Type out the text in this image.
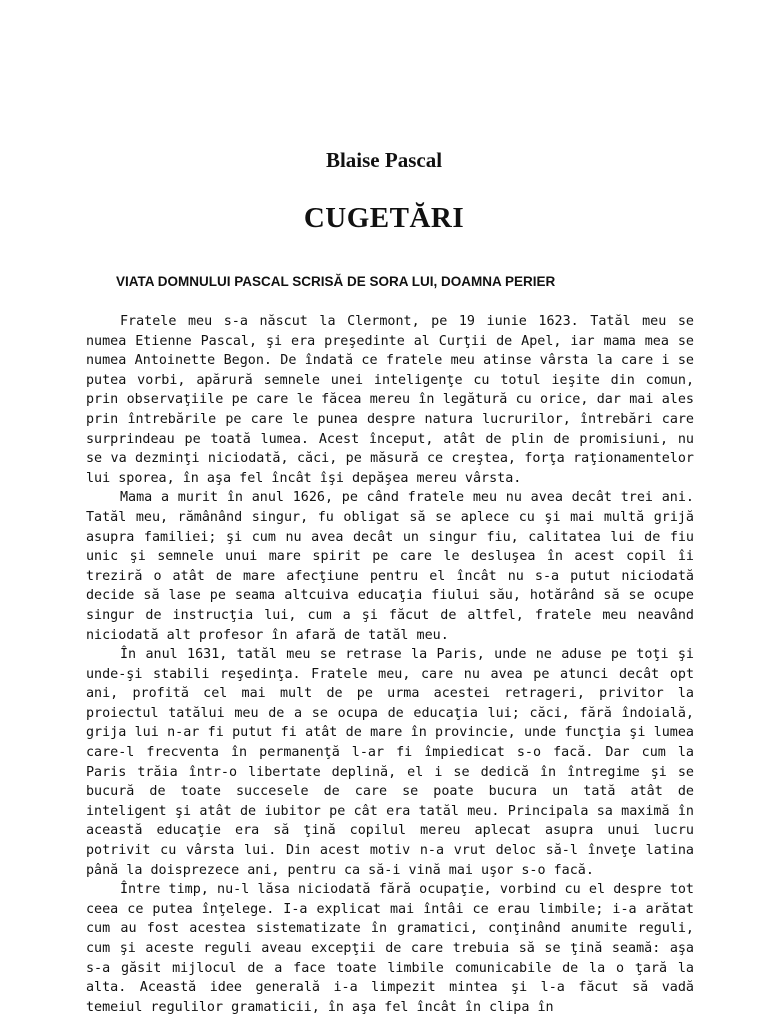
Blaise Pascal
CUGETĂRI
VIATA DOMNULUI PASCAL SCRISĂ DE SORA LUI, DOAMNA PERIER

Fratele meu s-a născut la Clermont, pe 19 iunie 1623. Tatăl meu se numea Etienne Pascal, şi era preşedinte al Curţii de Apel, iar mama mea se numea Antoinette Begon. De îndată ce fratele meu atinse vârsta la care i se putea vorbi, apărură semnele unei inteligenţe cu totul ieşite din comun, prin observaţiile pe care le făcea mereu în legătură cu orice, dar mai ales prin întrebările pe care le punea despre natura lucrurilor, întrebări care surprindeau pe toată lumea. Acest început, atât de plin de promisiuni, nu se va dezminţi niciodată, căci, pe măsură ce creştea, forţa raţionamentelor lui sporea, în aşa fel încât îşi depăşea mereu vârsta.

Mama a murit în anul 1626, pe când fratele meu nu avea decât trei ani. Tatăl meu, rămânând singur, fu obligat să se aplece cu şi mai multă grijă asupra familiei; şi cum nu avea decât un singur fiu, calitatea lui de fiu unic şi semnele unui mare spirit pe care le desluşea în acest copil îi treziră o atât de mare afecţiune pentru el încât nu s-a putut niciodată decide să lase pe seama altcuiva educaţia fiului său, hotărând să se ocupe singur de instrucţia lui, cum a şi făcut de altfel, fratele meu neavând niciodată alt profesor în afară de tatăl meu.

În anul 1631, tatăl meu se retrase la Paris, unde ne aduse pe toţi şi unde-şi stabili reşedinţa. Fratele meu, care nu avea pe atunci decât opt ani, profită cel mai mult de pe urma acestei retrageri, privitor la proiectul tatălui meu de a se ocupa de educaţia lui; căci, fără îndoială, grija lui n-ar fi putut fi atât de mare în provincie, unde funcţia şi lumea care-l frecventa în permanenţă l-ar fi împiedicat s-o facă. Dar cum la Paris trăia într-o libertate deplină, el i se dedică în întregime şi se bucură de toate succesele de care se poate bucura un tată atât de inteligent şi atât de iubitor pe cât era tatăl meu. Principala sa maximă în această educaţie era să ţină copilul mereu aplecat asupra unui lucru potrivit cu vârsta lui. Din acest motiv n-a vrut deloc să-l înveţe latina până la doisprezece ani, pentru ca să-i vină mai uşor s-o facă.

Între timp, nu-l lăsa niciodată fără ocupaţie, vorbind cu el despre tot ceea ce putea înţelege. I-a explicat mai întâi ce erau limbile; i-a arătat cum au fost acestea sistematizate în gramatici, conţinând anumite reguli, cum şi aceste reguli aveau excepţii de care trebuia să se ţină seamă: aşa s-a găsit mijlocul de a face toate limbile comunicabile de la o ţară la alta. Această idee generală i-a limpezit mintea şi l-a făcut să vadă temeiul regulilor gramaticii, în aşa fel încât în clipa în
